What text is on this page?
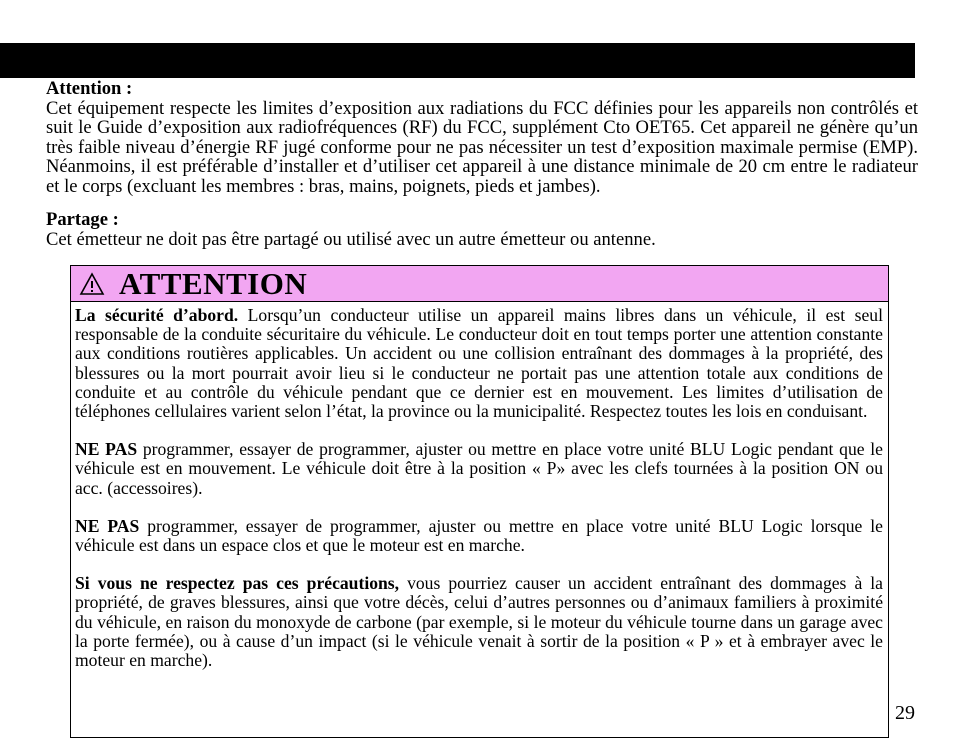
Attention :

Cet équipement respecte les limites d’exposition aux radiations du FCC définies pour les appareils non contrôlés et suit le Guide d’exposition aux radiofréquences (RF) du FCC, supplément Cto OET65. Cet appareil ne génère qu’un très faible niveau d’énergie RF jugé conforme pour ne pas nécessiter un test d’exposition maximale permise (EMP). Néanmoins, il est préférable d’installer et d’utiliser cet appareil à une distance minimale de 20 cm entre le radiateur et le corps (excluant les membres : bras, mains, poignets, pieds et jambes).

Partage :

Cet émetteur ne doit pas être partagé ou utilisé avec un autre émetteur ou antenne.

ATTENTION

La sécurité d’abord. Lorsqu’un conducteur utilise un appareil mains libres dans un véhicule, il est seul responsable de la conduite sécuritaire du véhicule. Le conducteur doit en tout temps porter une attention constante aux conditions routières applicables. Un accident ou une collision entraînant des dommages à la propriété, des blessures ou la mort pourrait avoir lieu si le conducteur ne portait pas une attention totale aux conditions de conduite et au contrôle du véhicule pendant que ce dernier est en mouvement. Les limites d’utilisation de téléphones cellulaires varient selon l’état, la province ou la municipalité. Respectez toutes les lois en conduisant.

NE PAS programmer, essayer de programmer, ajuster ou mettre en place votre unité BLU Logic pendant que le véhicule est en mouvement. Le véhicule doit être à la position « P» avec les clefs tournées à la position ON ou acc. (accessoires).

NE PAS programmer, essayer de programmer, ajuster ou mettre en place votre unité BLU Logic lorsque le véhicule est dans un espace clos et que le moteur est en marche.

Si vous ne respectez pas ces précautions, vous pourriez causer un accident entraînant des dommages à la propriété, de graves blessures, ainsi que votre décès, celui d’autres personnes ou d’animaux familiers à proximité du véhicule, en raison du monoxyde de carbone (par exemple, si le moteur du véhicule tourne dans un garage avec la porte fermée), ou à cause d’un impact (si le véhicule venait à sortir de la position « P » et à embrayer avec le moteur en marche).

29
